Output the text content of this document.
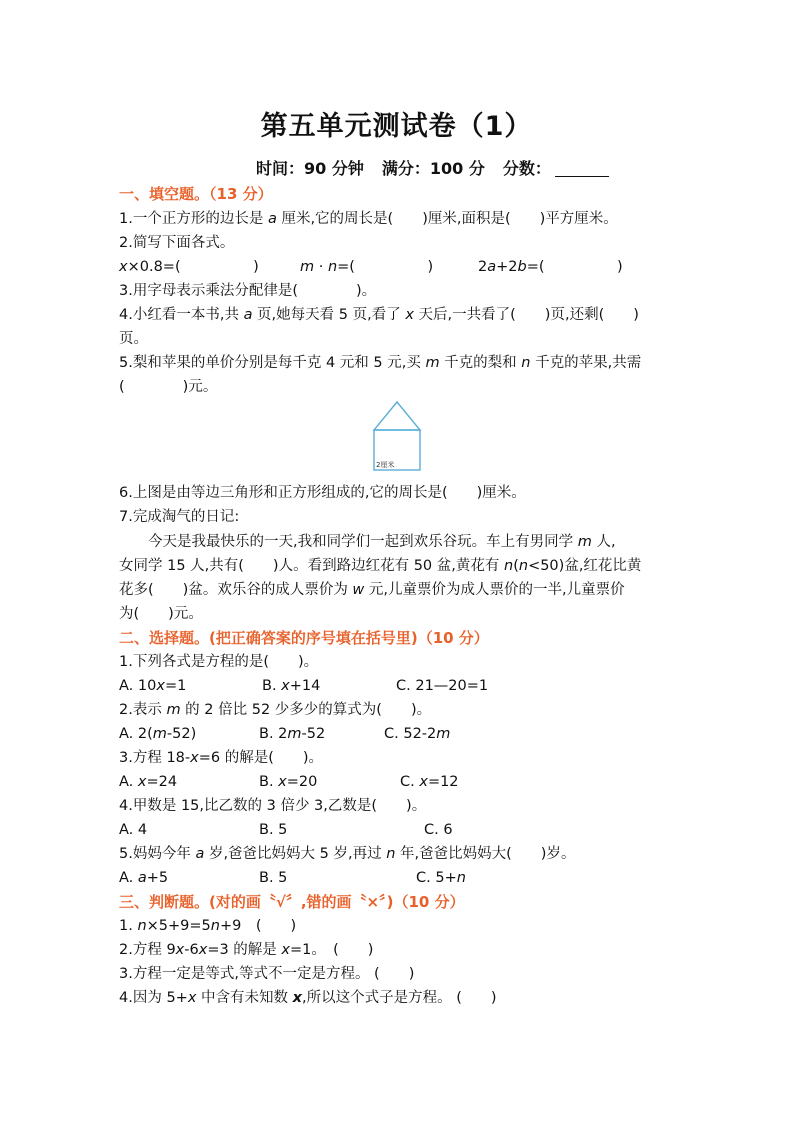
第五单元测试卷（1）
时间：90 分钟 满分：100 分 分数：
一、填空题。（13 分）
1.一个正方形的边长是 a 厘米,它的周长是(　　)厘米,面积是(　　)平方厘米。
2.简写下面各式。
x×0.8=(　　　　　)	m · n=(　　　　　)	2a+2b=(　　　　　)
3.用字母表示乘法分配律是(　　　　)。
4.小红看一本书,共 a 页,她每天看 5 页,看了 x 天后,一共看了(　　)页,还剩(　　)
页。
5.梨和苹果的单价分别是每千克 4 元和 5 元,买 m 千克的梨和 n 千克的苹果,共需
(　　　　)元。
2厘米
6.上图是由等边三角形和正方形组成的,它的周长是(　　)厘米。
7.完成淘气的日记:
今天是我最快乐的一天,我和同学们一起到欢乐谷玩。车上有男同学 m 人,
女同学 15 人,共有(　　)人。看到路边红花有 50 盆,黄花有 n(n<50)盆,红花比黄
花多(　　)盆。欢乐谷的成人票价为 w 元,儿童票价为成人票价的一半,儿童票价
为(　　)元。
二、选择题。(把正确答案的序号填在括号里)（10 分）
1.下列各式是方程的是(　　)。
A. 10x=1	B. x+14	C. 21—20=1
2.表示 m 的 2 倍比 52 少多少的算式为(　　)。
A. 2(m-52)	B. 2m-52	C. 52-2m
3.方程 18-x=6 的解是(　　)。
A. x=24	B. x=20	C. x=12
4.甲数是 15,比乙数的 3 倍少 3,乙数是(　　)。
A. 4	B. 5	C. 6
5.妈妈今年 a 岁,爸爸比妈妈大 5 岁,再过 n 年,爸爸比妈妈大(　　)岁。
A. a+5	B. 5	C. 5+n
三、判断题。(对的画〝√〞,错的画〝×〞)（10 分）
1. n×5+9=5n+9　(　　)
2.方程 9x-6x=3 的解是 x=1。　(　　)
3.方程一定是等式,等式不一定是方程。 (　　)
4.因为 5+x 中含有未知数 x,所以这个式子是方程。 (　　)
